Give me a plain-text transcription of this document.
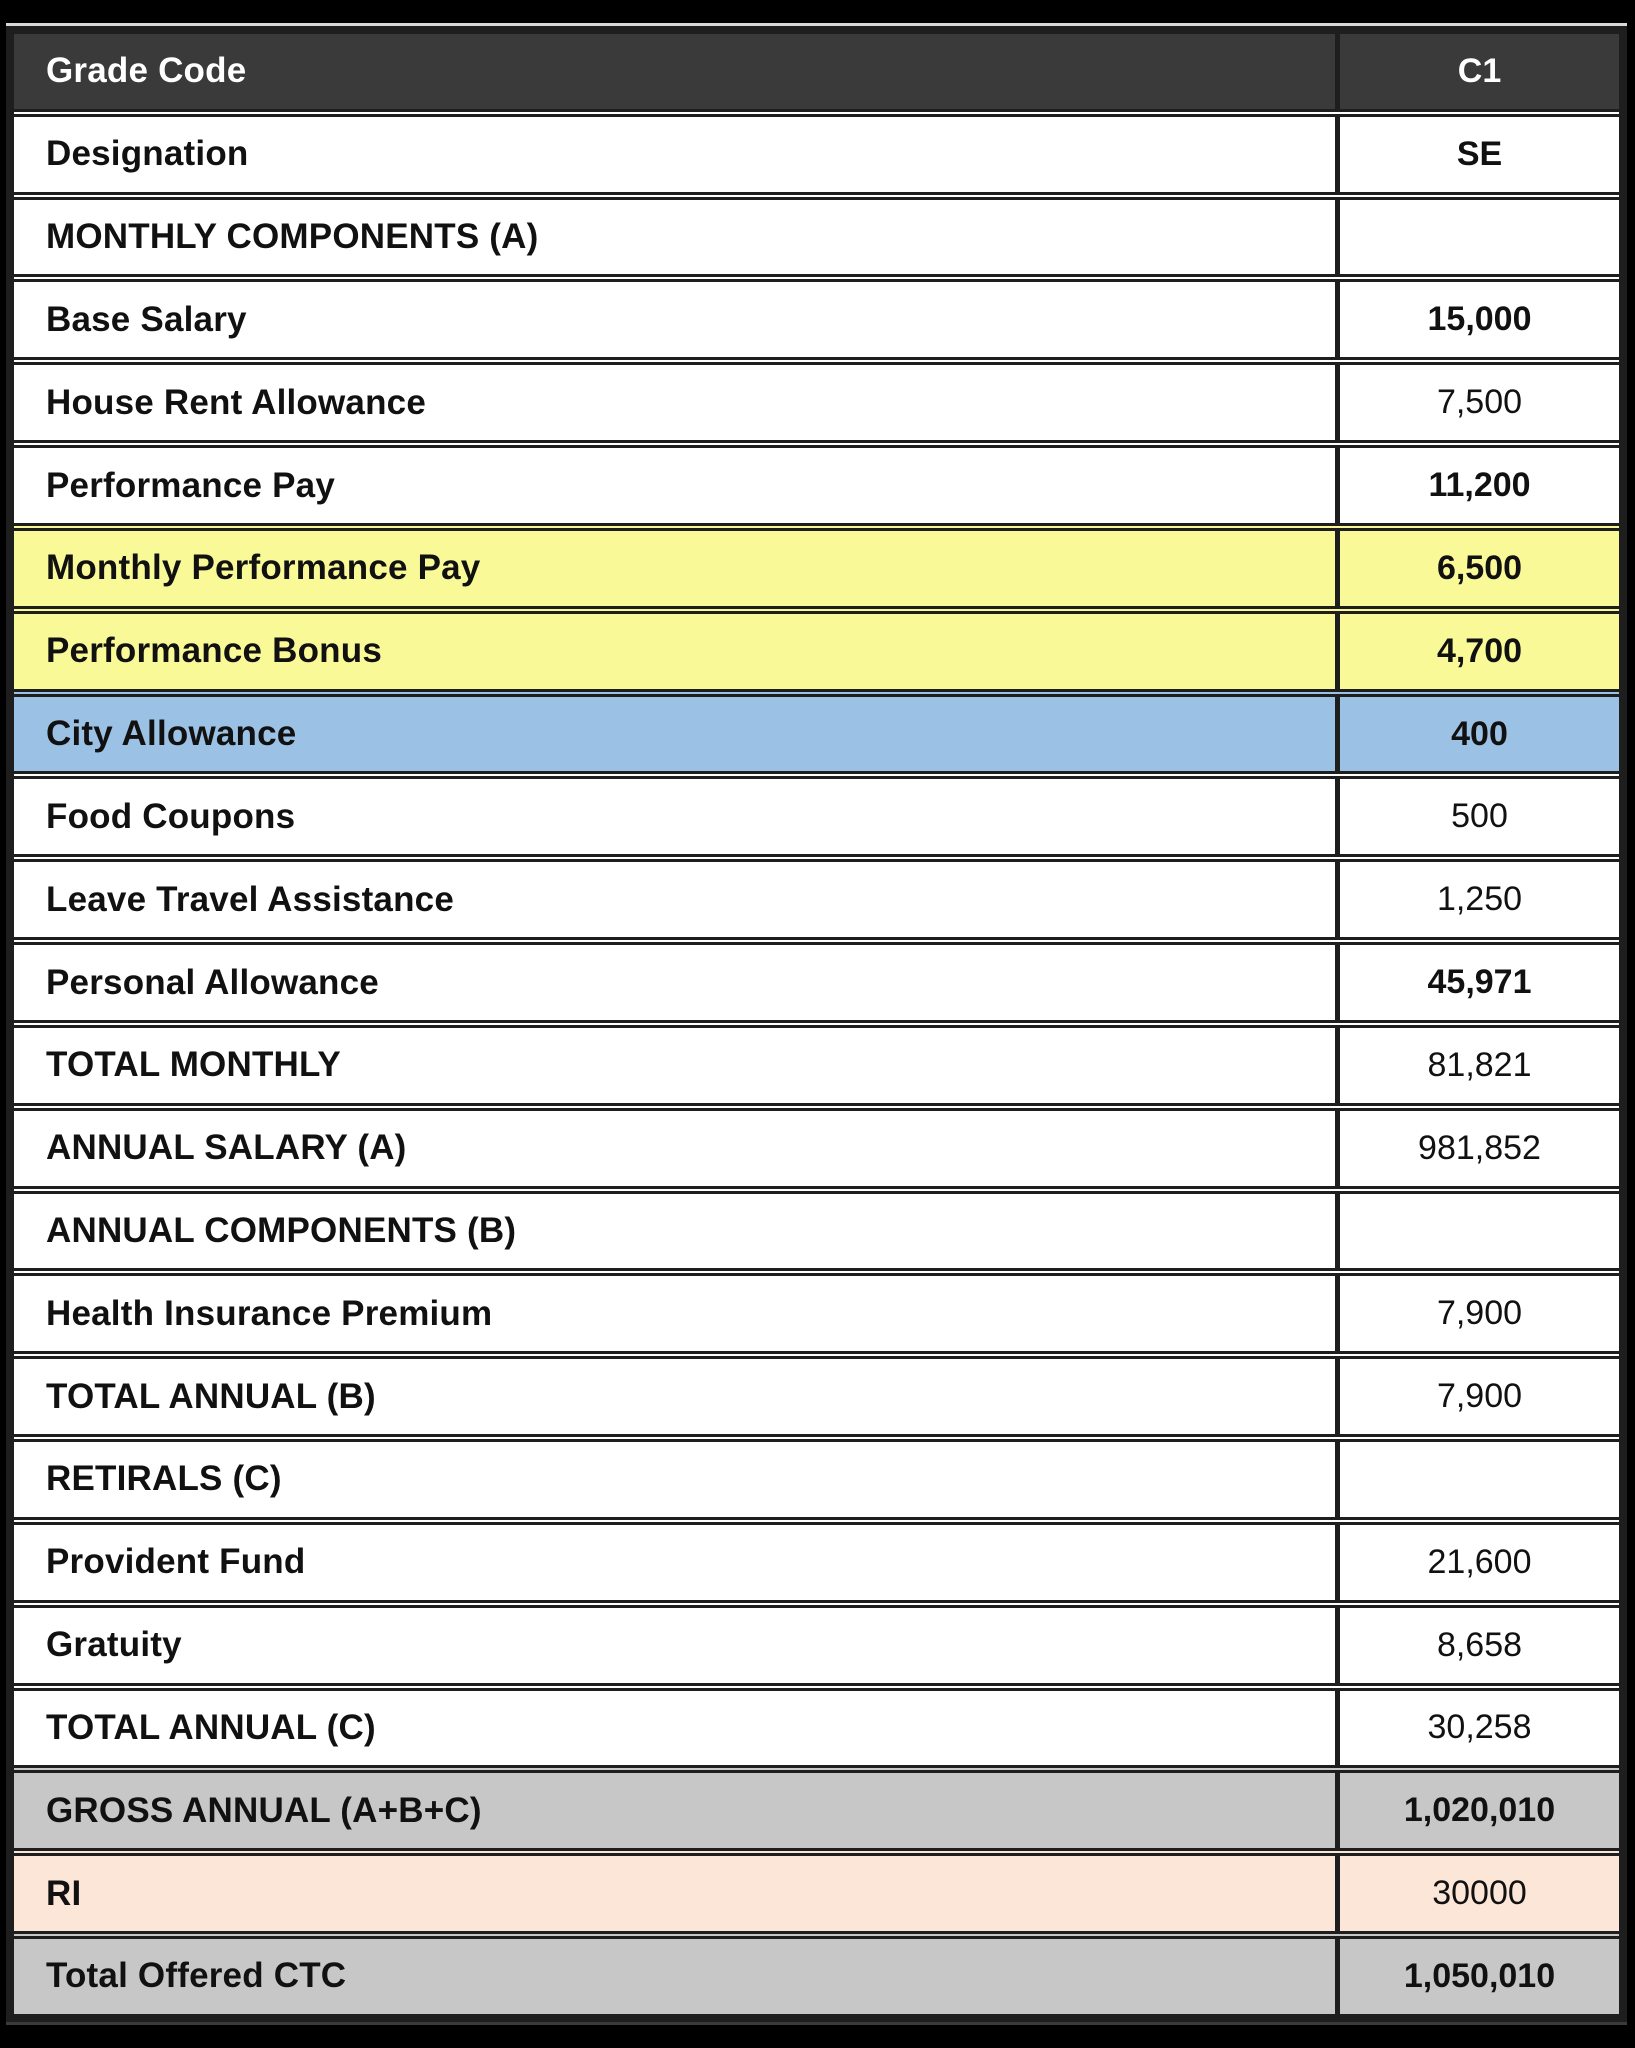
Grade Code	C1
Designation	SE
MONTHLY COMPONENTS (A)
Base Salary	15,000
House Rent Allowance	7,500
Performance Pay	11,200
Monthly Performance Pay	6,500
Performance Bonus	4,700
City Allowance	400
Food Coupons	500
Leave Travel Assistance	1,250
Personal Allowance	45,971
TOTAL MONTHLY	81,821
ANNUAL SALARY (A)	981,852
ANNUAL COMPONENTS (B)
Health Insurance Premium	7,900
TOTAL ANNUAL (B)	7,900
RETIRALS (C)
Provident Fund	21,600
Gratuity	8,658
TOTAL ANNUAL (C)	30,258
GROSS ANNUAL (A+B+C)	1,020,010
RI	30000
Total Offered CTC	1,050,010
